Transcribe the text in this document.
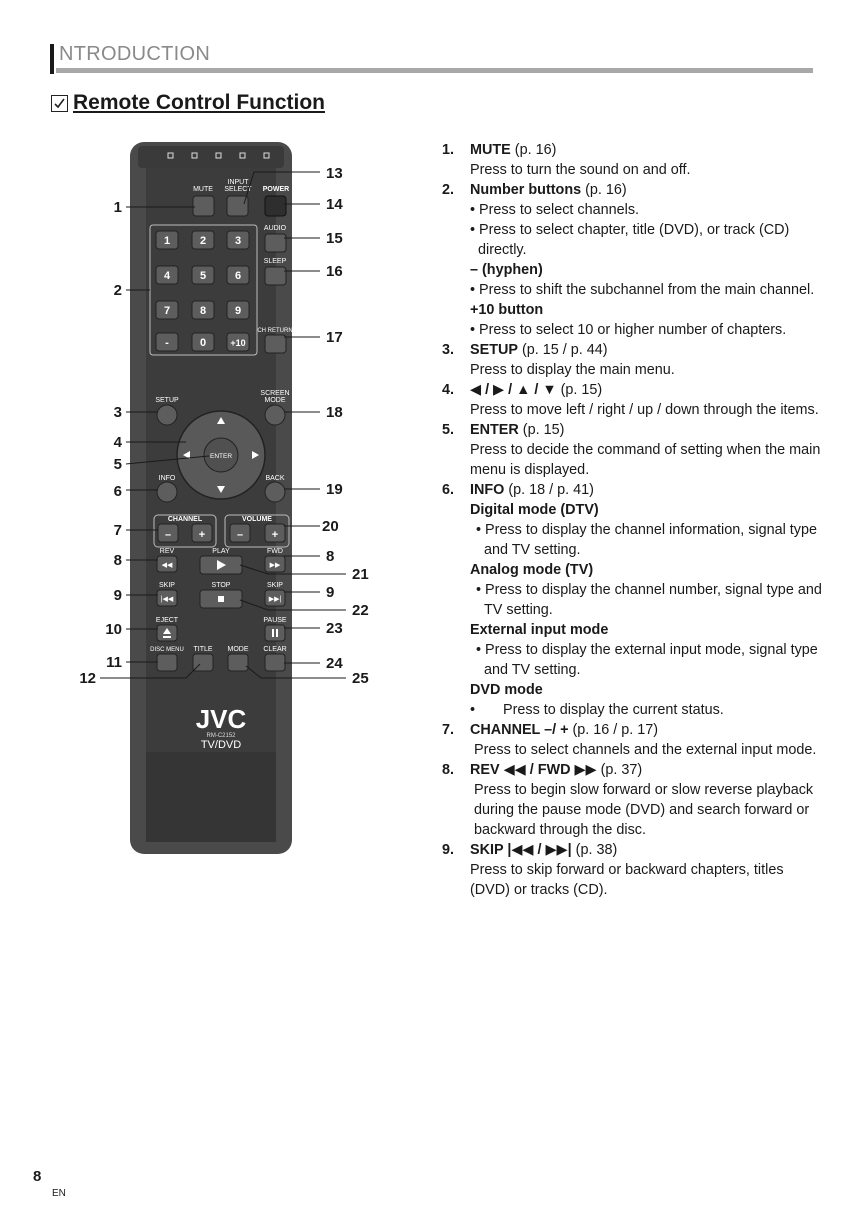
NTRODUCTION
Remote Control Function
MUTE
INPUT
SELECT POWER
1	2	3
4	5	6
7	8	9
-	0	+10
AUDIO
SLEEP
CH RETURN
SETUP
SCREEN
MODE
ENTER
INFO	BACK
CHANNEL
–	+
VOLUME
–	+
REV
◀◀
PLAY	FWD
▶▶
SKIP
|◀◀
STOP	SKIP
▶▶|
EJECT	PAUSE
DISC MENU TITLE MODE CLEAR
JVC
RM-C2152
TV/DVD
1
2
3
4
5
6
7
8
9
10
11
12
13
14
15
16
17
18
19
20
8
21
9
22
23
24
25
1. MUTE (p. 16)
Press to turn the sound on and off.
2. Number buttons (p. 16)
• Press to select channels.
• Press to select chapter, title (DVD), or track (CD) directly.
– (hyphen)
• Press to shift the subchannel from the main channel.
+10 button
• Press to select 10 or higher number of chapters.
3. SETUP (p. 15 / p. 44)
Press to display the main menu.
4. ◀ / ▶ / ▲ / ▼ (p. 15)
Press to move left / right / up / down through the items.
5. ENTER (p. 15)
Press to decide the command of setting when the main menu is displayed.
6. INFO (p. 18 / p. 41)
Digital mode (DTV)
• Press to display the channel information, signal type and TV setting.
Analog mode (TV)
• Press to display the channel number, signal type and TV setting.
External input mode
• Press to display the external input mode, signal type and TV setting.
DVD mode
•       Press to display the current status.
7. CHANNEL –/ + (p. 16 / p. 17)
Press to select channels and the external input mode.
8. REV ◀◀ / FWD ▶▶ (p. 37)
Press to begin slow forward or slow reverse playback during the pause mode (DVD) and search forward or backward through the disc.
9. SKIP |◀◀ / ▶▶| (p. 38)
Press to skip forward or backward chapters, titles (DVD) or tracks (CD).
8
EN
